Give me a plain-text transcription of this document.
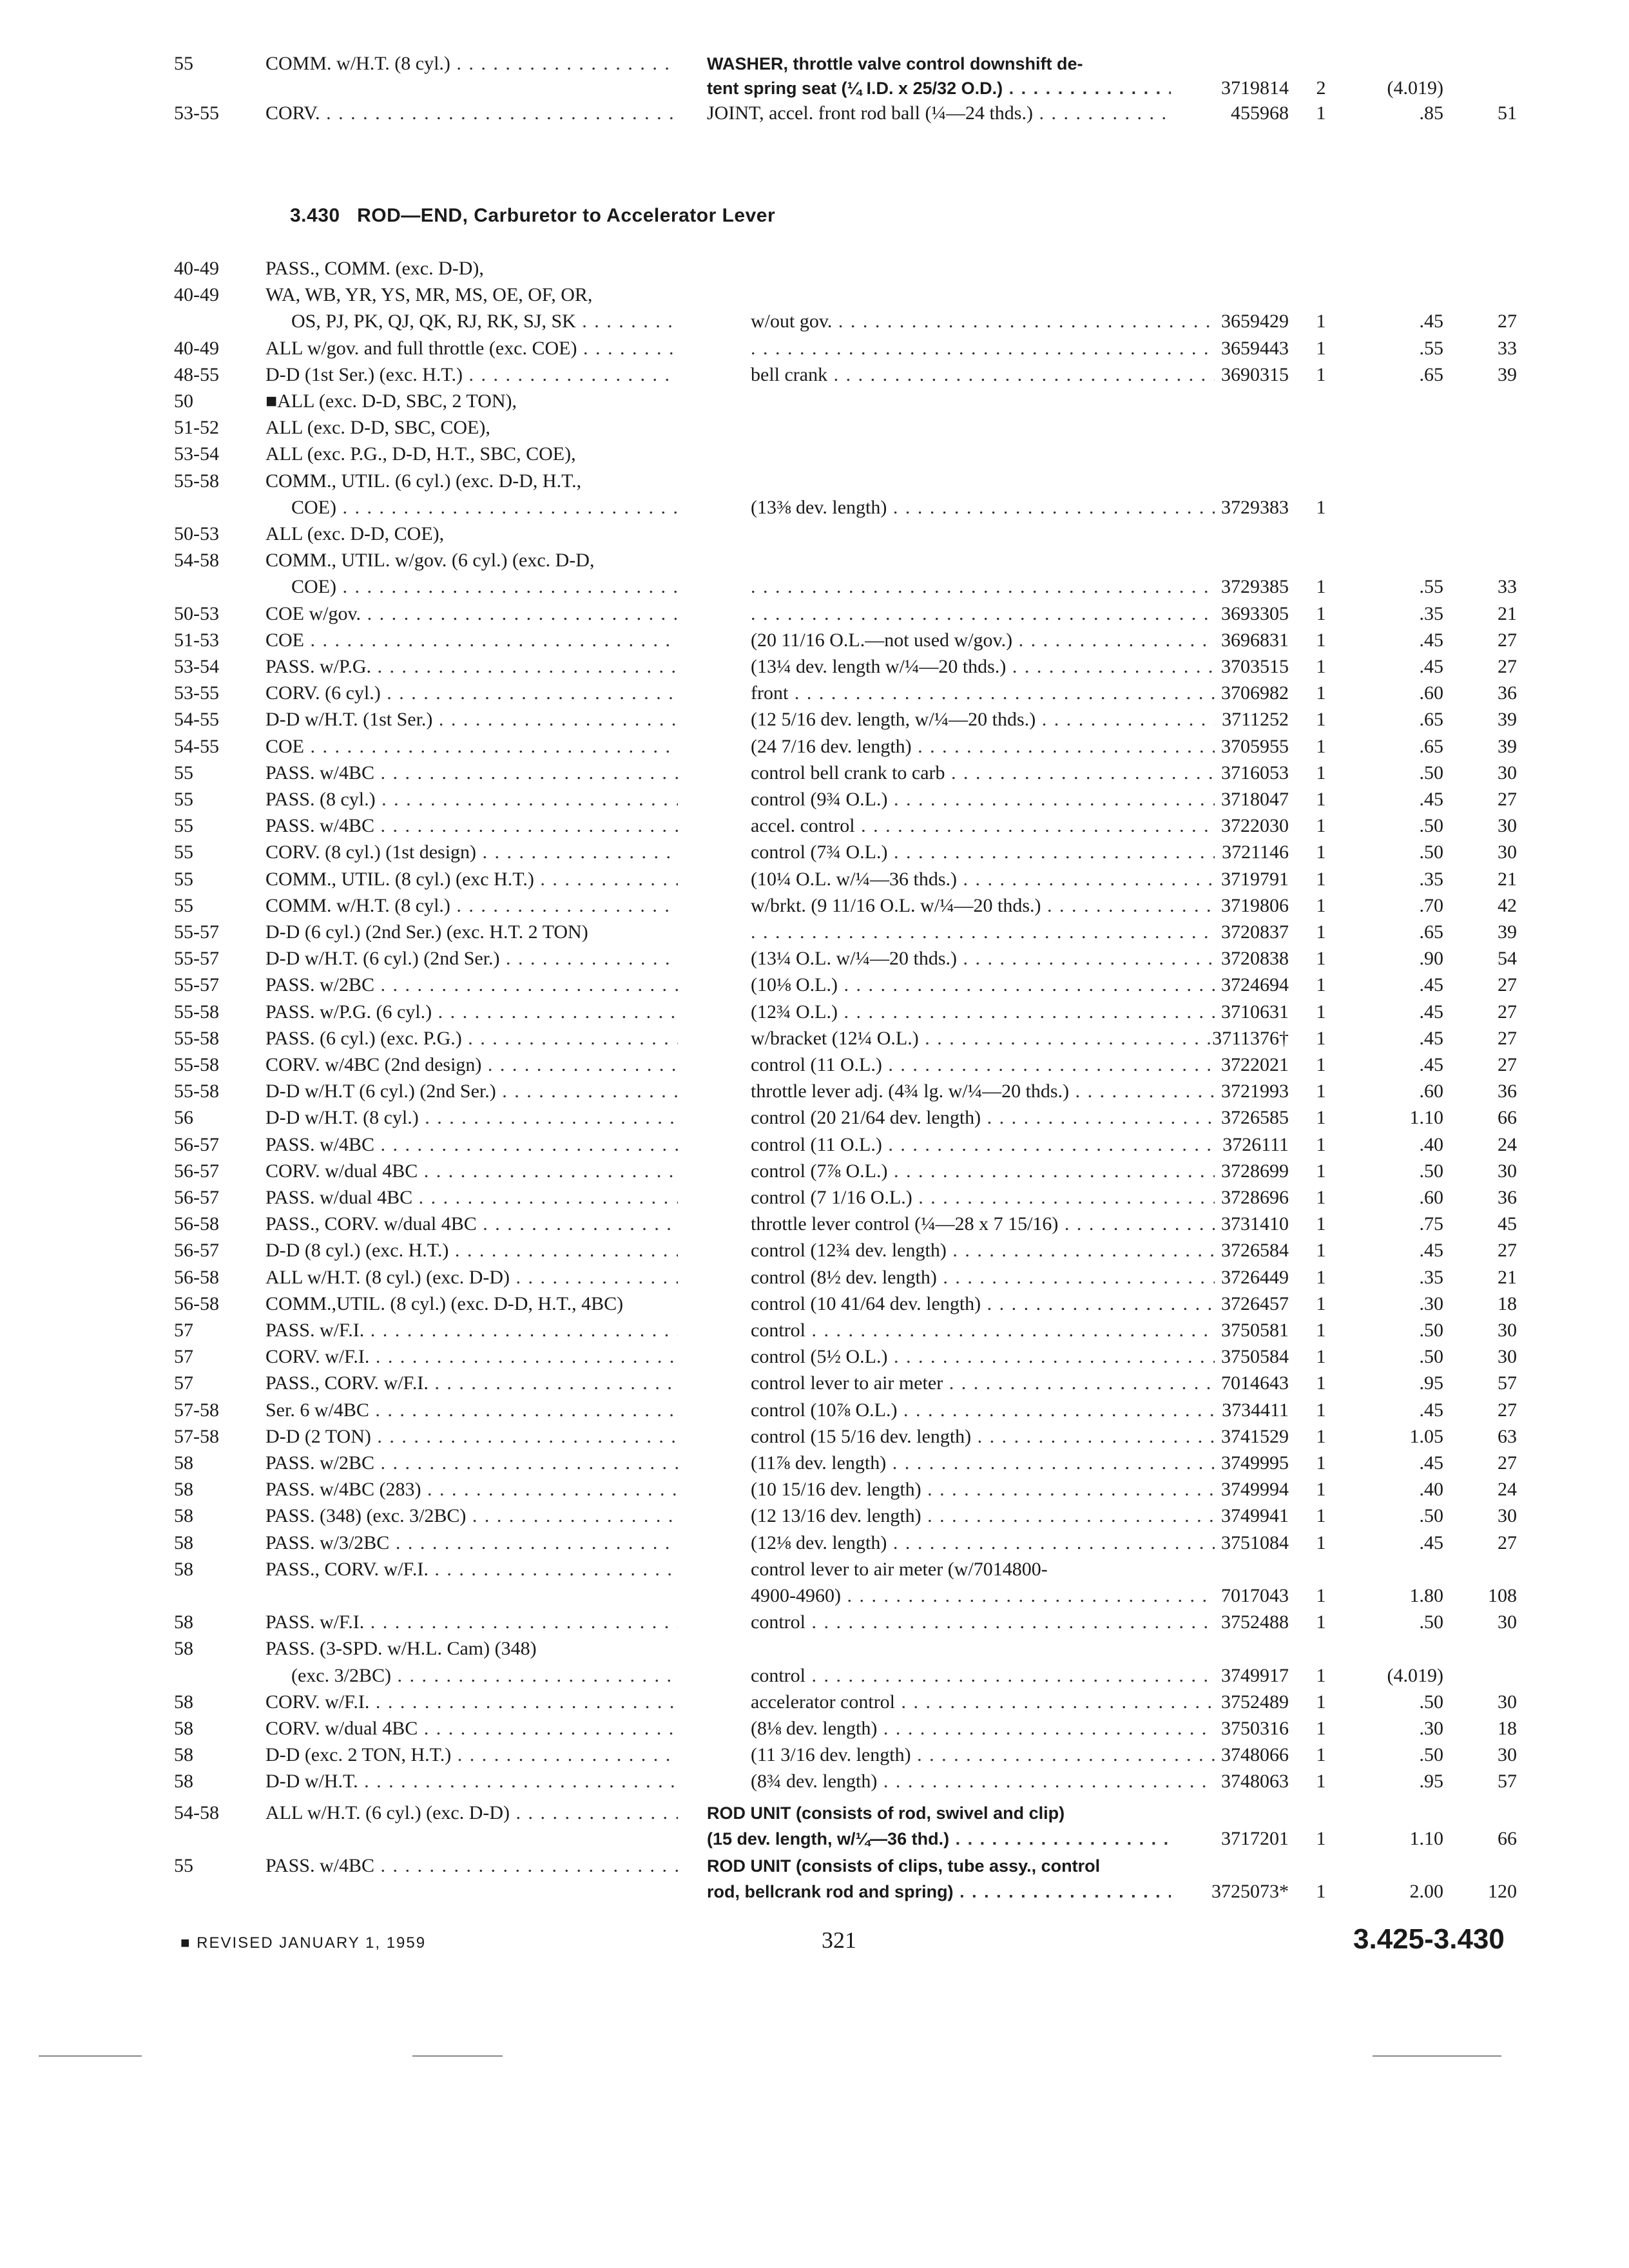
55	COMM. w/H.T. (8 cyl.) . . .	WASHER, throttle valve control downshift de-
tent spring seat (¼ I.D. x 25/32 O.D.) . . .	3719814	2	(4.019)
53-55	CORV. . . .	JOINT, accel. front rod ball (¼—24 thds.) . . .	455968	1	.85	51
3.430 ROD—END, Carburetor to Accelerator Lever
40-49	PASS., COMM. (exc. D-D),
40-49	WA, WB, YR, YS, MR, MS, OE, OF, OR,
OS, PJ, PK, QJ, QK, RJ, RK, SJ, SK . . .	w/out gov. . . .	3659429	1	.45	27
40-49	ALL w/gov. and full throttle (exc. COE) . . . . . .	3659443	1	.55	33
48-55	D-D (1st Ser.) (exc. H.T.) . . .	bell crank . . .	3690315	1	.65	39
50	■ALL (exc. D-D, SBC, 2 TON),
51-52	ALL (exc. D-D, SBC, COE),
53-54	ALL (exc. P.G., D-D, H.T., SBC, COE),
55-58	COMM., UTIL. (6 cyl.) (exc. D-D, H.T.,
COE) . . .	(13⅜ dev. length) . . .	3729383	1
50-53	ALL (exc. D-D, COE),
54-58	COMM., UTIL. w/gov. (6 cyl.) (exc. D-D,
COE) . . . . . .	3729385	1	.55	33
50-53	COE w/gov. . . . . . .	3693305	1	.35	21
51-53	COE . . .	(20 11/16 O.L.—not used w/gov.) . . .	3696831	1	.45	27
53-54	PASS. w/P.G. . . .	(13¼ dev. length w/¼—20 thds.) . . .	3703515	1	.45	27
53-55	CORV. (6 cyl.) . . .	front . . .	3706982	1	.60	36
54-55	D-D w/H.T. (1st Ser.) . . .	(12 5/16 dev. length, w/¼—20 thds.) . . .	3711252	1	.65	39
54-55	COE . . .	(24 7/16 dev. length) . . .	3705955	1	.65	39
55	PASS. w/4BC . . .	control bell crank to carb . . .	3716053	1	.50	30
55	PASS. (8 cyl.) . . .	control (9¾ O.L.) . . .	3718047	1	.45	27
55	PASS. w/4BC . . .	accel. control . . .	3722030	1	.50	30
55	CORV. (8 cyl.) (1st design) . . .	control (7¾ O.L.) . . .	3721146	1	.50	30
55	COMM., UTIL. (8 cyl.) (exc H.T.) . . .	(10¼ O.L. w/¼—36 thds.) . . .	3719791	1	.35	21
55	COMM. w/H.T. (8 cyl.) . . .	w/brkt. (9 11/16 O.L. w/¼—20 thds.) . . .	3719806	1	.70	42
55-57	D-D (6 cyl.) (2nd Ser.) (exc. H.T. 2 TON) . . .	3720837	1	.65	39
55-57	D-D w/H.T. (6 cyl.) (2nd Ser.) . . .	(13¼ O.L. w/¼—20 thds.) . . .	3720838	1	.90	54
55-57	PASS. w/2BC . . .	(10⅛ O.L.) . . .	3724694	1	.45	27
55-58	PASS. w/P.G. (6 cyl.) . . .	(12¾ O.L.) . . .	3710631	1	.45	27
55-58	PASS. (6 cyl.) (exc. P.G.) . . .	w/bracket (12¼ O.L.) . . .	3711376†	1	.45	27
55-58	CORV. w/4BC (2nd design) . . .	control (11 O.L.) . . .	3722021	1	.45	27
55-58	D-D w/H.T (6 cyl.) (2nd Ser.) . . .	throttle lever adj. (4¾ lg. w/¼—20 thds.) . . .	3721993	1	.60	36
56	D-D w/H.T. (8 cyl.) . . .	control (20 21/64 dev. length) . . .	3726585	1	1.10	66
56-57	PASS. w/4BC . . .	control (11 O.L.) . . .	3726111	1	.40	24
56-57	CORV. w/dual 4BC . . .	control (7⅞ O.L.) . . .	3728699	1	.50	30
56-57	PASS. w/dual 4BC . . .	control (7 1/16 O.L.) . . .	3728696	1	.60	36
56-58	PASS., CORV. w/dual 4BC . . .	throttle lever control (¼—28 x 7 15/16) . . .	3731410	1	.75	45
56-57	D-D (8 cyl.) (exc. H.T.) . . .	control (12¾ dev. length) . . .	3726584	1	.45	27
56-58	ALL w/H.T. (8 cyl.) (exc. D-D) . . .	control (8½ dev. length) . . .	3726449	1	.35	21
56-58	COMM.,UTIL. (8 cyl.) (exc. D-D, H.T., 4BC)	control (10 41/64 dev. length) . . .	3726457	1	.30	18
57	PASS. w/F.I. . . .	control . . .	3750581	1	.50	30
57	CORV. w/F.I. . . .	control (5½ O.L.) . . .	3750584	1	.50	30
57	PASS., CORV. w/F.I. . . .	control lever to air meter . . .	7014643	1	.95	57
57-58	Ser. 6 w/4BC . . .	control (10⅞ O.L.) . . .	3734411	1	.45	27
57-58	D-D (2 TON) . . .	control (15 5/16 dev. length) . . .	3741529	1	1.05	63
58	PASS. w/2BC . . .	(11⅞ dev. length) . . .	3749995	1	.45	27
58	PASS. w/4BC (283) . . .	(10 15/16 dev. length) . . .	3749994	1	.40	24
58	PASS. (348) (exc. 3/2BC) . . .	(12 13/16 dev. length) . . .	3749941	1	.50	30
58	PASS. w/3/2BC . . .	(12⅛ dev. length) . . .	3751084	1	.45	27
58	PASS., CORV. w/F.I. . . .	control lever to air meter (w/7014800-
4900-4960) . . .	7017043	1	1.80	108
58	PASS. w/F.I. . . .	control . . .	3752488	1	.50	30
58	PASS. (3-SPD. w/H.L. Cam) (348)
(exc. 3/2BC) . . .	control . . .	3749917	1	(4.019)
58	CORV. w/F.I. . . .	accelerator control . . .	3752489	1	.50	30
58	CORV. w/dual 4BC . . .	(8⅛ dev. length) . . .	3750316	1	.30	18
58	D-D (exc. 2 TON, H.T.) . . .	(11 3/16 dev. length) . . .	3748066	1	.50	30
58	D-D w/H.T. . . .	(8¾ dev. length) . . .	3748063	1	.95	57
54-58	ALL w/H.T. (6 cyl.) (exc. D-D) . . .	ROD UNIT (consists of rod, swivel and clip)
(15 dev. length, w/¼—36 thd.) . . .	3717201	1	1.10	66
55	PASS. w/4BC . . .	ROD UNIT (consists of clips, tube assy., control
rod, bellcrank rod and spring) . . .	3725073*	1	2.00	120
■ REVISED JANUARY 1, 1959	321	3.425-3.430
